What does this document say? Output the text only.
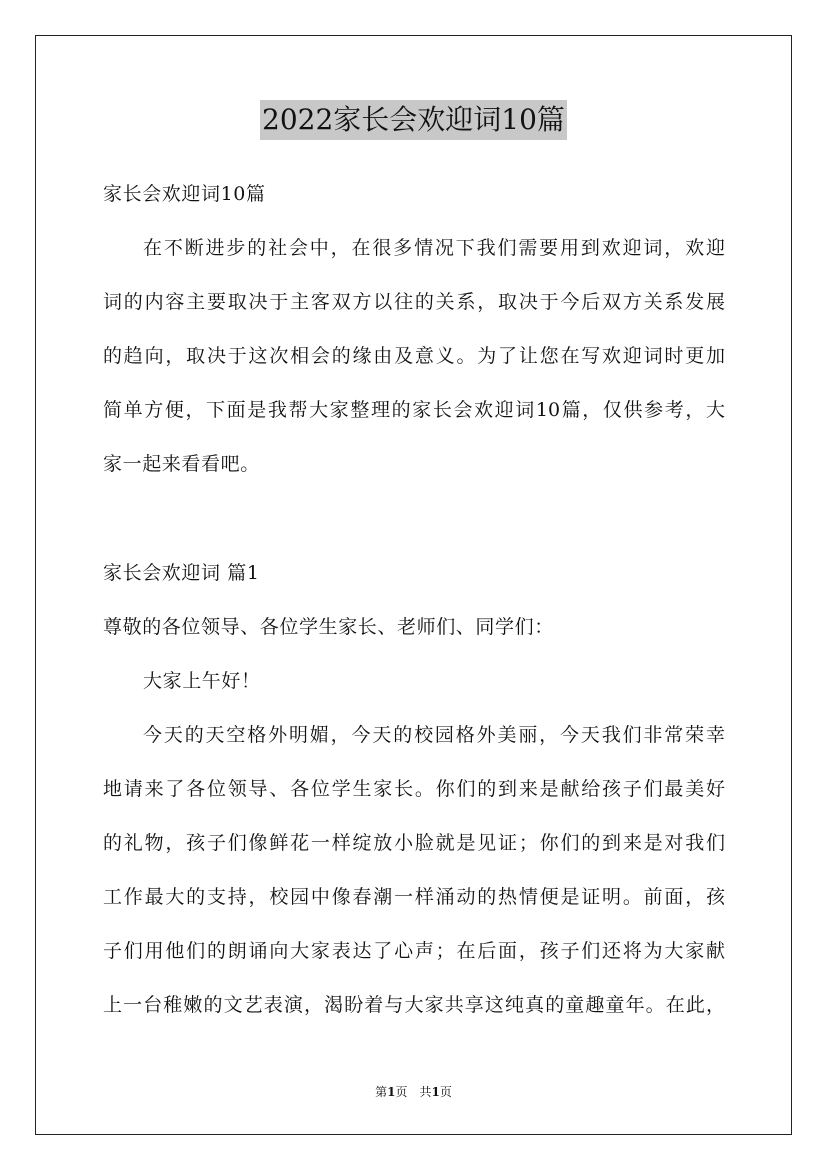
2022家长会欢迎词10篇
家长会欢迎词10篇
在不断进步的社会中，在很多情况下我们需要用到欢迎词，欢迎
词的内容主要取决于主客双方以往的关系，取决于今后双方关系发展
的趋向，取决于这次相会的缘由及意义。为了让您在写欢迎词时更加
简单方便，下面是我帮大家整理的家长会欢迎词10篇，仅供参考，大
家一起来看看吧。
家长会欢迎词 篇1
尊敬的各位领导、各位学生家长、老师们、同学们：
大家上午好！
今天的天空格外明媚，今天的校园格外美丽，今天我们非常荣幸
地请来了各位领导、各位学生家长。你们的到来是献给孩子们最美好
的礼物，孩子们像鲜花一样绽放小脸就是见证；你们的到来是对我们
工作最大的支持，校园中像春潮一样涌动的热情便是证明。前面，孩
子们用他们的朗诵向大家表达了心声；在后面，孩子们还将为大家献
上一台稚嫩的文艺表演，渴盼着与大家共享这纯真的童趣童年。在此，
第1页　共1页
